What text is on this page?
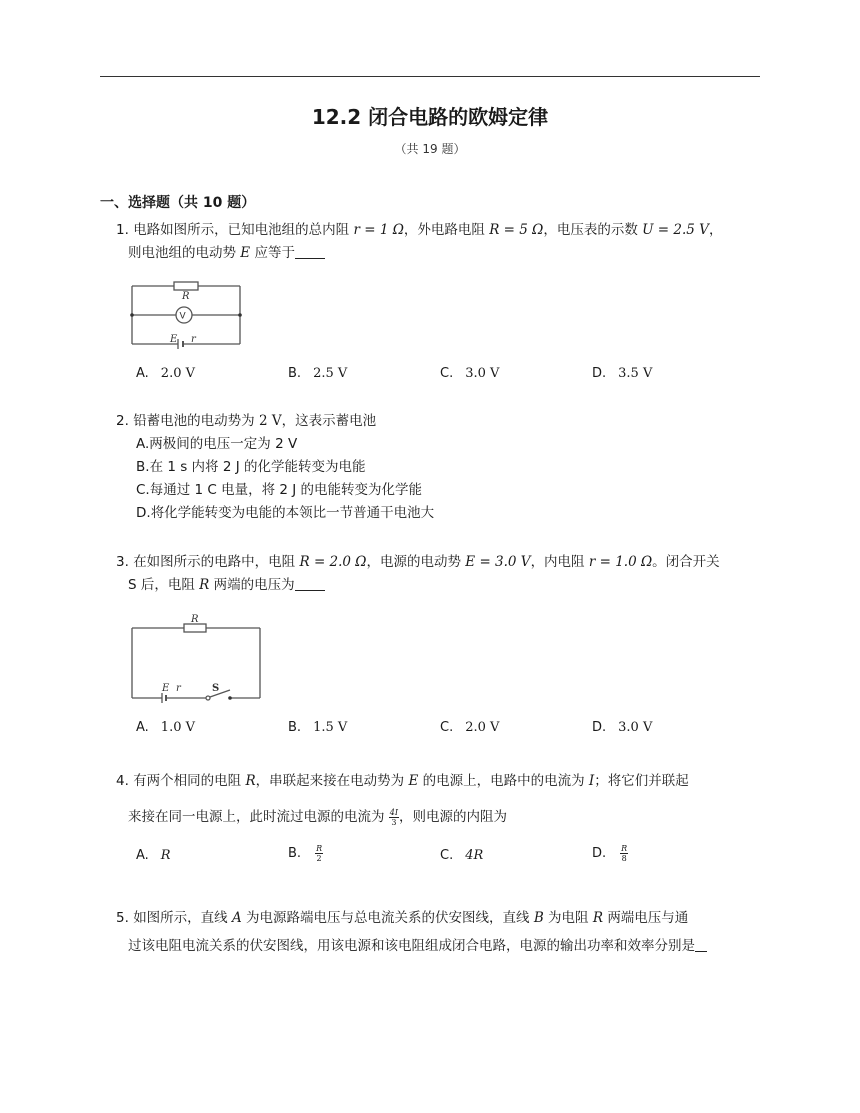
12.2 闭合电路的欧姆定律
（共 19 题）
一、选择题（共 10 题）
1. 电路如图所示，已知电池组的总内阻 r = 1 Ω，外电路电阻 R = 5 Ω，电压表的示数 U = 2.5 V，
则电池组的电动势 E 应等于
R
V
E r
A. 2.0 V	B. 2.5 V	C. 3.0 V	D. 3.5 V
2. 铅蓄电池的电动势为 2 V，这表示蓄电池
A.两极间的电压一定为 2 V
B.在 1 s 内将 2 J 的化学能转变为电能
C.每通过 1 C 电量，将 2 J 的电能转变为化学能
D.将化学能转变为电能的本领比一节普通干电池大
3. 在如图所示的电路中，电阻 R = 2.0 Ω，电源的电动势 E = 3.0 V，内电阻 r = 1.0 Ω。闭合开关
S 后，电阻 R 两端的电压为
R
E r	S
A. 1.0 V	B. 1.5 V	C. 2.0 V	D. 3.0 V
4. 有两个相同的电阻 R，串联起来接在电动势为 E 的电源上，电路中的电流为 I；将它们并联起
来接在同一电源上，此时流过电源的电流为 $\frac{4I}{3}$ ，则电源的内阻为
A. R	B. $\frac{R}{2}$	C. 4R	D. $\frac{R}{8}$
5. 如图所示，直线 A 为电源路端电压与总电流关系的伏安图线，直线 B 为电阻 R 两端电压与通
过该电阻电流关系的伏安图线，用该电源和该电阻组成闭合电路，电源的输出功率和效率分别是
